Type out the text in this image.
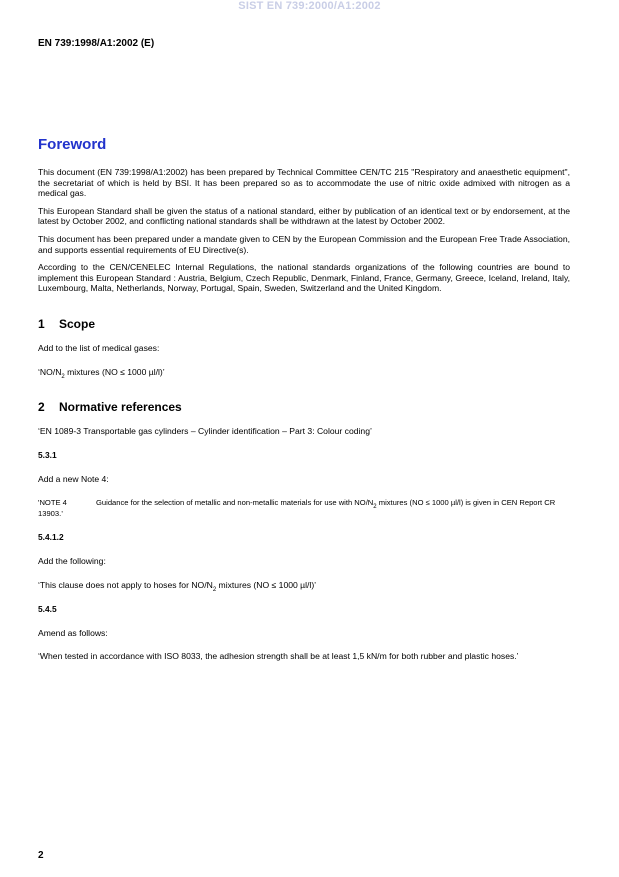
SIST EN 739:2000/A1:2002
EN 739:1998/A1:2002 (E)
Foreword

This document (EN 739:1998/A1:2002) has been prepared by Technical Committee CEN/TC 215 "Respiratory and anaesthetic equipment", the secretariat of which is held by BSI. It has been prepared so as to accommodate the use of nitric oxide admixed with nitrogen as a medical gas.

This European Standard shall be given the status of a national standard, either by publication of an identical text or by endorsement, at the latest by October 2002, and conflicting national standards shall be withdrawn at the latest by October 2002.

This document has been prepared under a mandate given to CEN by the European Commission and the European Free Trade Association, and supports essential requirements of EU Directive(s).

According to the CEN/CENELEC Internal Regulations, the national standards organizations of the following countries are bound to implement this European Standard : Austria, Belgium, Czech Republic, Denmark, Finland, France, Germany, Greece, Iceland, Ireland, Italy, Luxembourg, Malta, Netherlands, Norway, Portugal, Spain, Sweden, Switzerland and the United Kingdom.

1 Scope

Add to the list of medical gases:

‘$NO/N_2$ mixtures (NO ≤ 1000 µl/l)’

2 Normative references

‘EN 1089-3 Transportable gas cylinders – Cylinder identification – Part 3: Colour coding’

5.3.1

Add a new Note 4:

'NOTE 4	Guidance for the selection of metallic and non-metallic materials for use with $NO/N_2$ mixtures (NO ≤ 1000 µl/l) is given in CEN Report CR 13903.’

5.4.1.2

Add the following:

‘This clause does not apply to hoses for $NO/N_2$ mixtures (NO ≤ 1000 µl/l)’

5.4.5

Amend as follows:

‘When tested in accordance with ISO 8033, the adhesion strength shall be at least 1,5 kN/m for both rubber and plastic hoses.’

2
